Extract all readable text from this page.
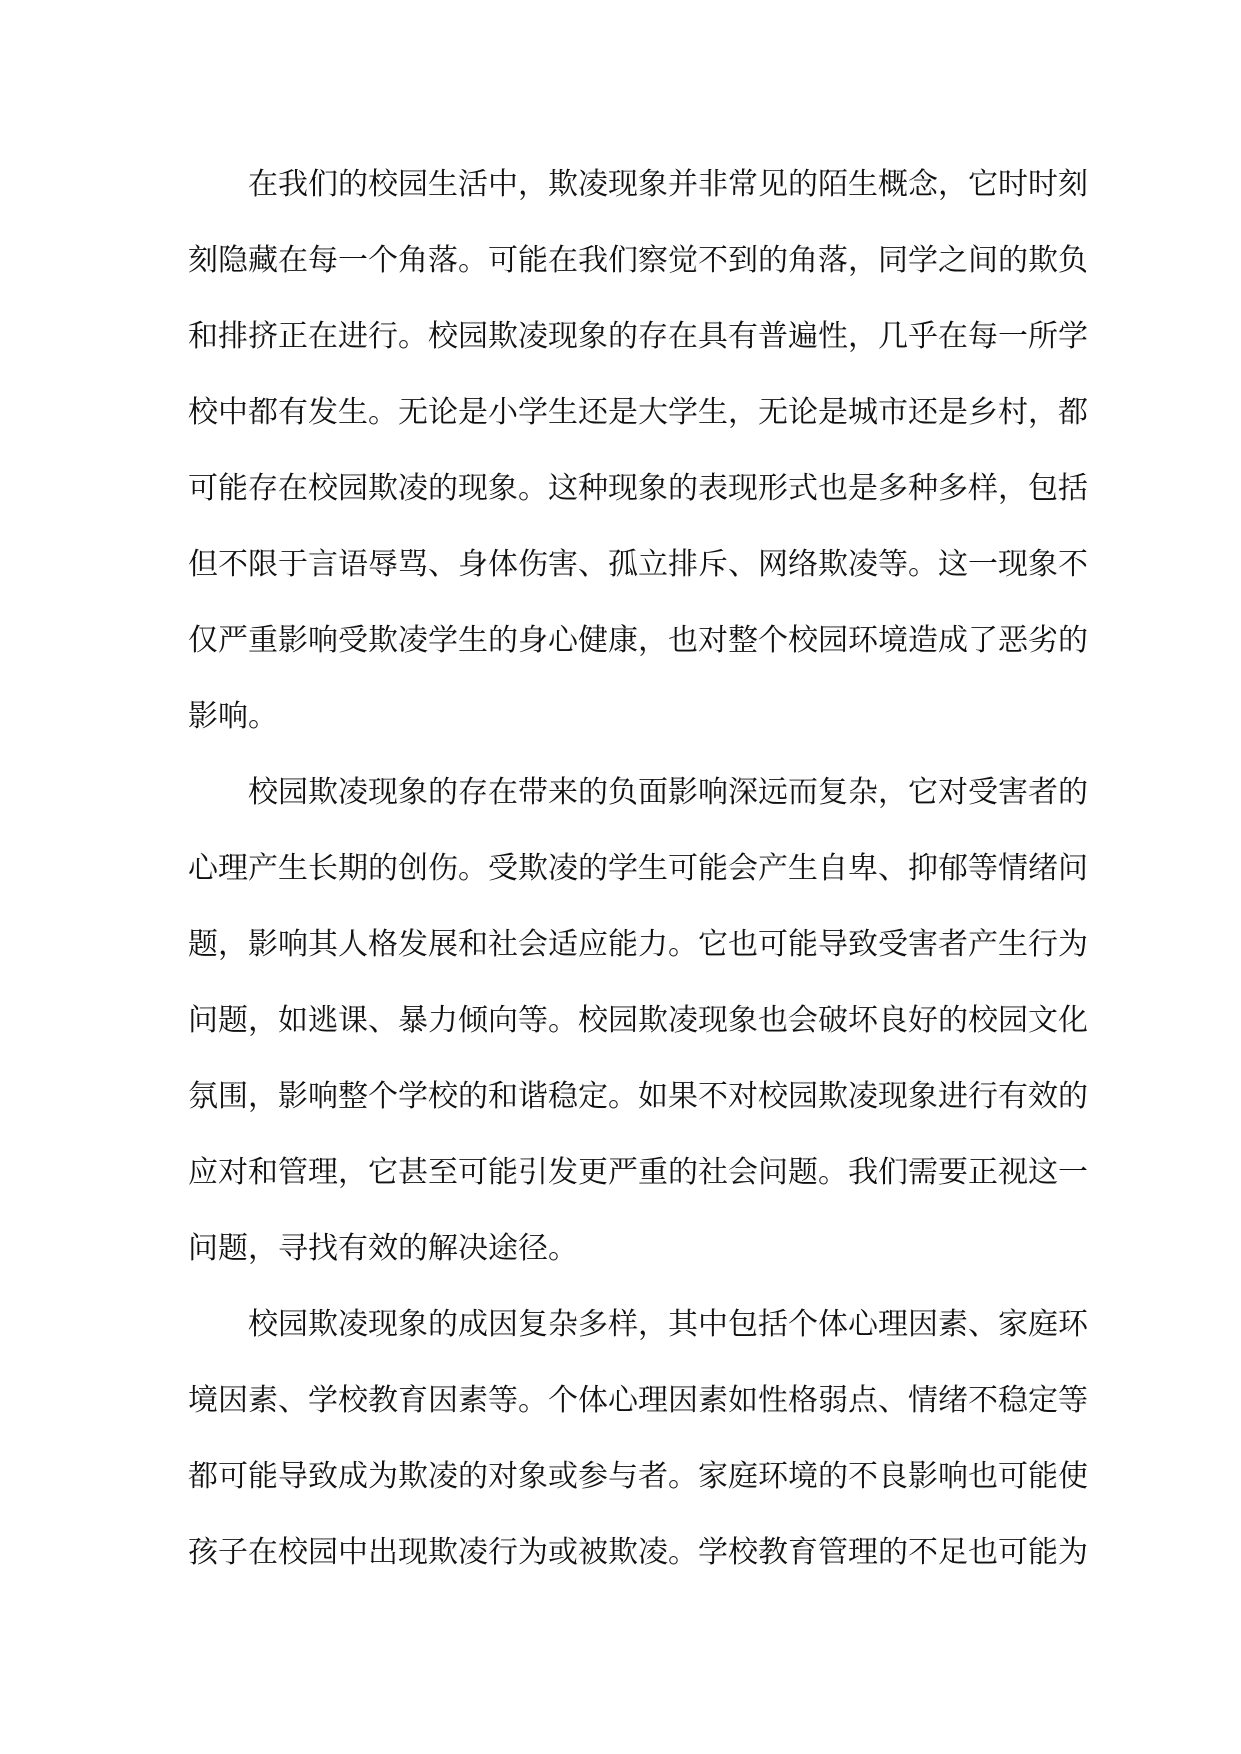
在我们的校园生活中，欺凌现象并非常见的陌生概念，它时时刻
刻隐藏在每一个角落。可能在我们察觉不到的角落，同学之间的欺负
和排挤正在进行。校园欺凌现象的存在具有普遍性，几乎在每一所学
校中都有发生。无论是小学生还是大学生，无论是城市还是乡村，都
可能存在校园欺凌的现象。这种现象的表现形式也是多种多样，包括
但不限于言语辱骂、身体伤害、孤立排斥、网络欺凌等。这一现象不
仅严重影响受欺凌学生的身心健康，也对整个校园环境造成了恶劣的
影响。
校园欺凌现象的存在带来的负面影响深远而复杂，它对受害者的
心理产生长期的创伤。受欺凌的学生可能会产生自卑、抑郁等情绪问
题，影响其人格发展和社会适应能力。它也可能导致受害者产生行为
问题，如逃课、暴力倾向等。校园欺凌现象也会破坏良好的校园文化
氛围，影响整个学校的和谐稳定。如果不对校园欺凌现象进行有效的
应对和管理，它甚至可能引发更严重的社会问题。我们需要正视这一
问题，寻找有效的解决途径。
校园欺凌现象的成因复杂多样，其中包括个体心理因素、家庭环
境因素、学校教育因素等。个体心理因素如性格弱点、情绪不稳定等
都可能导致成为欺凌的对象或参与者。家庭环境的不良影响也可能使
孩子在校园中出现欺凌行为或被欺凌。学校教育管理的不足也可能为
